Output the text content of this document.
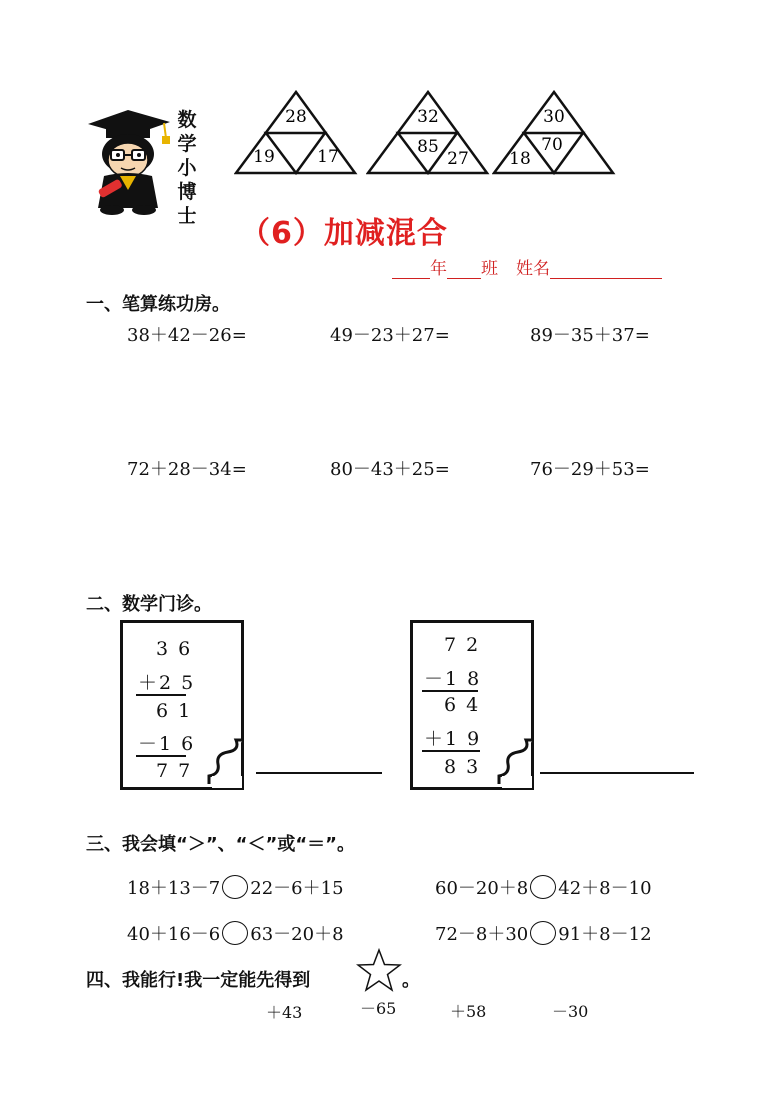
数
学
小
博
士
28
19 17
32
85
27
30
70
18
（6）加减混合
年 班 姓名
一、笔算练功房。
38＋42－26=	49－23＋27=	89－35＋37=
72＋28－34=	80－43＋25=	76－29＋53=
二、数学门诊。
3 6
＋2 5
6 1
－1 6
7 7
7 2
－1 8
6 4
＋1 9
8 3
三、我会填“＞”、“＜”或“＝”。
18＋13－7 22－6＋15	60－20＋8 42＋8－10
40＋16－6 63－20＋8	72－8＋30 91＋8－12
四、我能行!我一定能先得到	。
＋43	－65	＋58	－30
